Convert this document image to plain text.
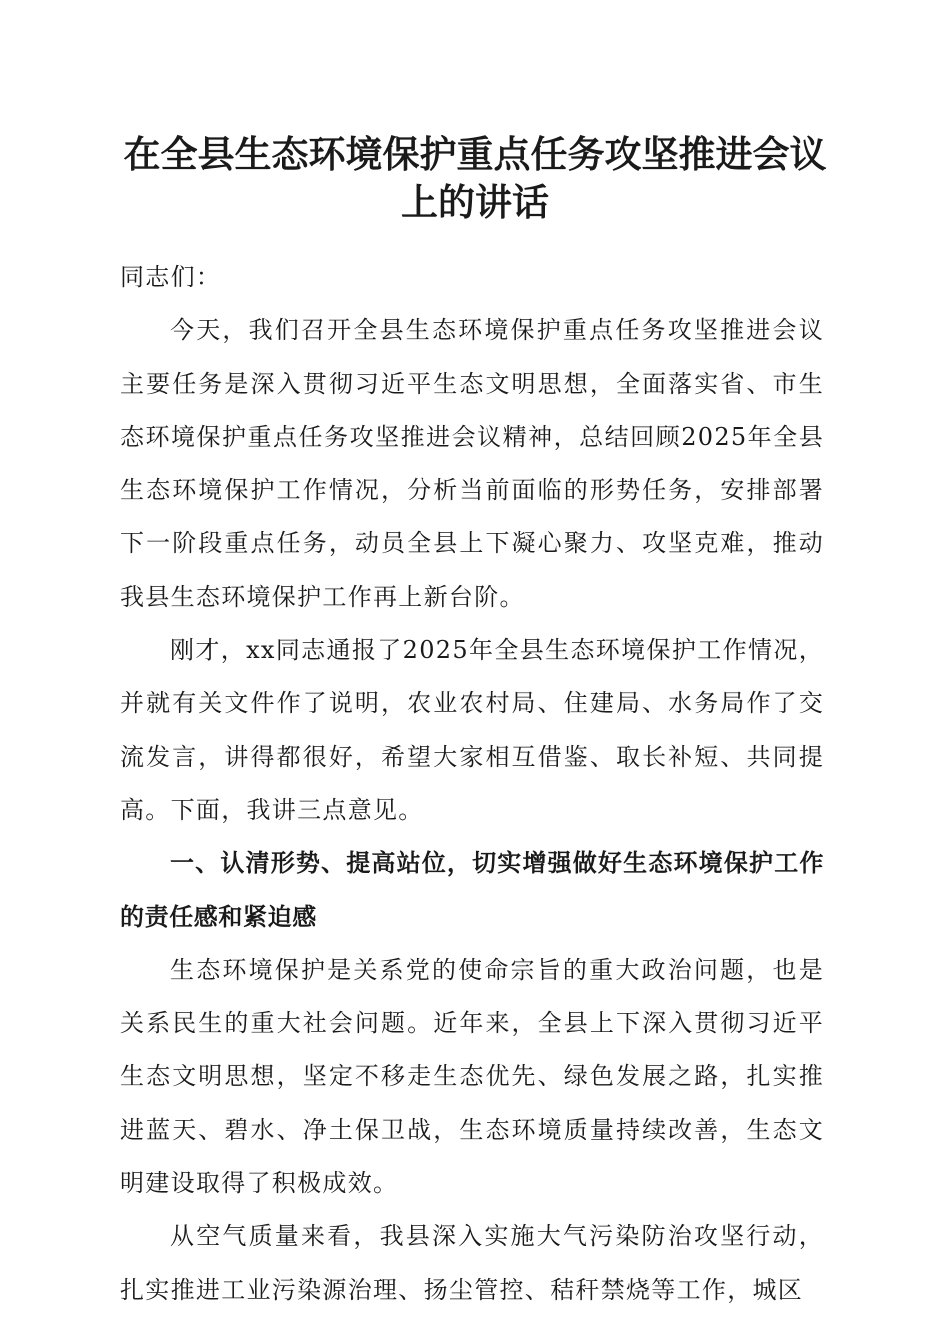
在全县生态环境保护重点任务攻坚推进会议上的讲话

同志们：

今天，我们召开全县生态环境保护重点任务攻坚推进会议主要任务是深入贯彻习近平生态文明思想，全面落实省、市生态环境保护重点任务攻坚推进会议精神，总结回顾2025年全县生态环境保护工作情况，分析当前面临的形势任务，安排部署下一阶段重点任务，动员全县上下凝心聚力、攻坚克难，推动我县生态环境保护工作再上新台阶。

刚才，xx同志通报了2025年全县生态环境保护工作情况，并就有关文件作了说明，农业农村局、住建局、水务局作了交流发言，讲得都很好，希望大家相互借鉴、取长补短、共同提高。下面，我讲三点意见。

一、认清形势、提高站位，切实增强做好生态环境保护工作的责任感和紧迫感

生态环境保护是关系党的使命宗旨的重大政治问题，也是关系民生的重大社会问题。近年来，全县上下深入贯彻习近平生态文明思想，坚定不移走生态优先、绿色发展之路，扎实推进蓝天、碧水、净土保卫战，生态环境质量持续改善，生态文明建设取得了积极成效。

从空气质量来看，我县深入实施大气污染防治攻坚行动，扎实推进工业污染源治理、扬尘管控、秸秆禁烧等工作，城区
